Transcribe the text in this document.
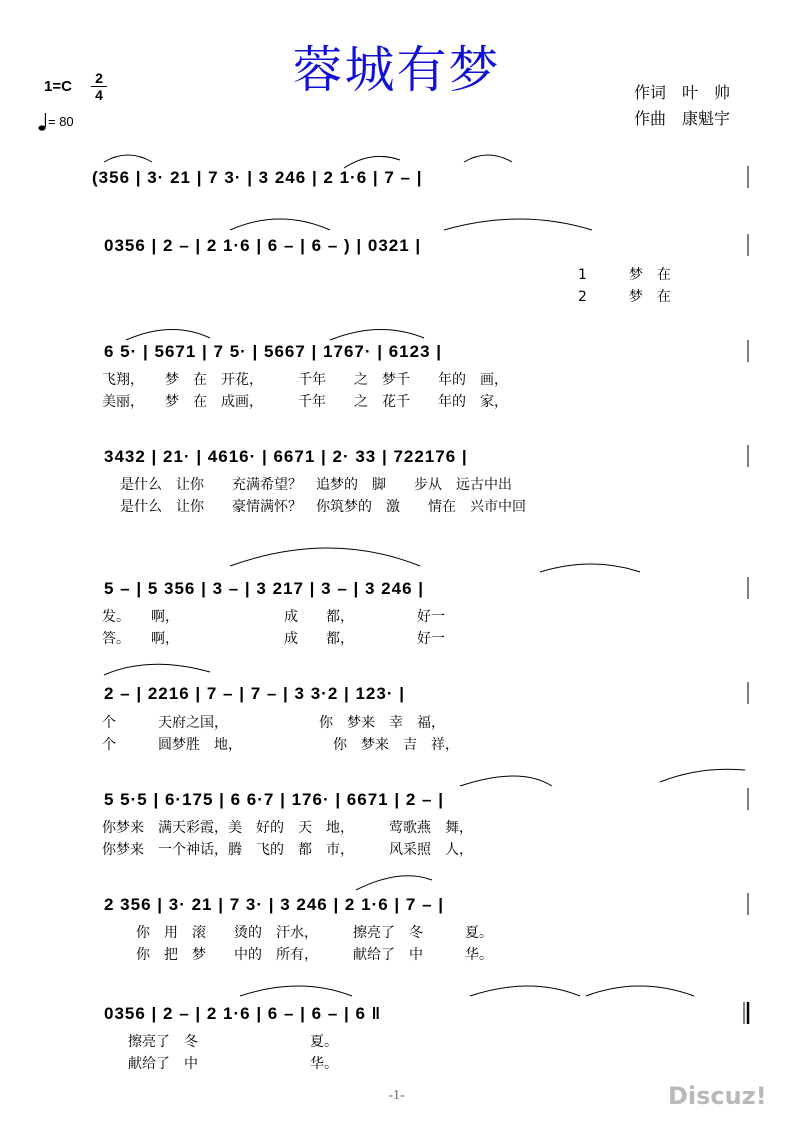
蓉城有梦
1=C 2
4
= 80
作词　叶　帅
作曲　康魁宇
(356 | 3· 21 | 7 3· | 3 246 | 2 1·6 | 7 – |
0356 | 2 – | 2 1·6 | 6 – | 6 – ) | 0321 |
1　　　梦　在
2　　　梦　在
6 5· | 5671 | 7 5· | 5667 | 1767· | 6123 |
飞翔，　　梦　在　开花，　　　千年　　之　梦千　　年的　画，
美丽，　　梦　在　成画，　　　千年　　之　花千　　年的　家，
3432 | 21· | 4616· | 6671 | 2· 33 | 722176 |
是什么　让你　　充满希望？　追梦的　脚　　步从　远古中出
是什么　让你　　豪情满怀？　你筑梦的　激　　情在　兴市中回
5 – | 5 356 | 3 – | 3 217 | 3 – | 3 246 |
发。　　啊，　　　　　　　　成　　都，　　　　　好一
答。　　啊，　　　　　　　　成　　都，　　　　　好一
2 – | 2216 | 7 – | 7 – | 3 3·2 | 123· |
个　　　天府之国，　　　　　　　你　梦来　幸　福，
个　　　圆梦胜　地，　　　　　　　你　梦来　吉　祥，
5 5·5 | 6·175 | 6 6·7 | 176· | 6671 | 2 – |
你梦来　满天彩霞，美　好的　天　地，　　　莺歌燕　舞，
你梦来　一个神话，腾　飞的　都　市，　　　风采照　人，
2 356 | 3· 21 | 7 3· | 3 246 | 2 1·6 | 7 – |
你　用　滚　　烫的　汗水，　　　擦亮了　冬　　　夏。
你　把　梦　　中的　所有，　　　献给了　中　　　华。
0356 | 2 – | 2 1·6 | 6 – | 6 – | 6 ‖
擦亮了　冬　　　　　　　　夏。
献给了　中　　　　　　　　华。
-1-	Discuz!
